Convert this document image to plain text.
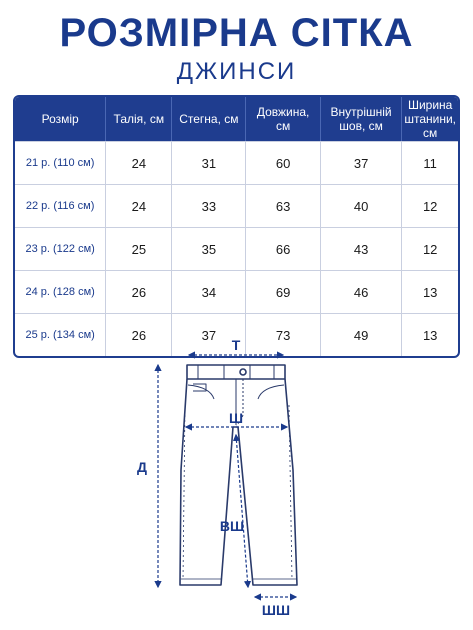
РОЗМІРНА СІТКА
ДЖИНСИ
Розмір	Талія, см	Стегна, см	Довжина, см	Внутрішній шов, см	Ширина штанини, см
21 р. (110 см)	24	31	60	37	11
22 р. (116 см)	24	33	63	40	12
23 р. (122 см)	25	35	66	43	12
24 р. (128 см)	26	34	69	46	13
25 р. (134 см)	26	37	73	49	13
Т
Ш
Д
ВШ
ШШ
